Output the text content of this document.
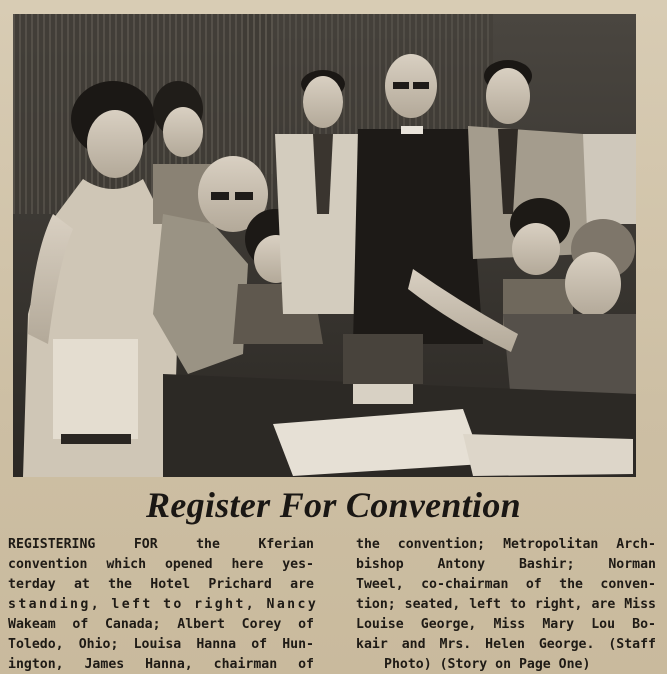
Register For Convention
REGISTERING FOR the Kferian
convention which opened here yes-
terday at the Hotel Prichard are
standing, left to right, Nancy
Wakeam of Canada; Albert Corey of
Toledo, Ohio; Louisa Hanna of Hun-
ington, James Hanna, chairman of
the convention; Metropolitan Arch-
bishop Antony Bashir; Norman
Tweel, co-chairman of the conven-
tion; seated, left to right, are Miss
Louise George, Miss Mary Lou Bo-
kair and Mrs. Helen George. (Staff
Photo) (Story on Page One)
